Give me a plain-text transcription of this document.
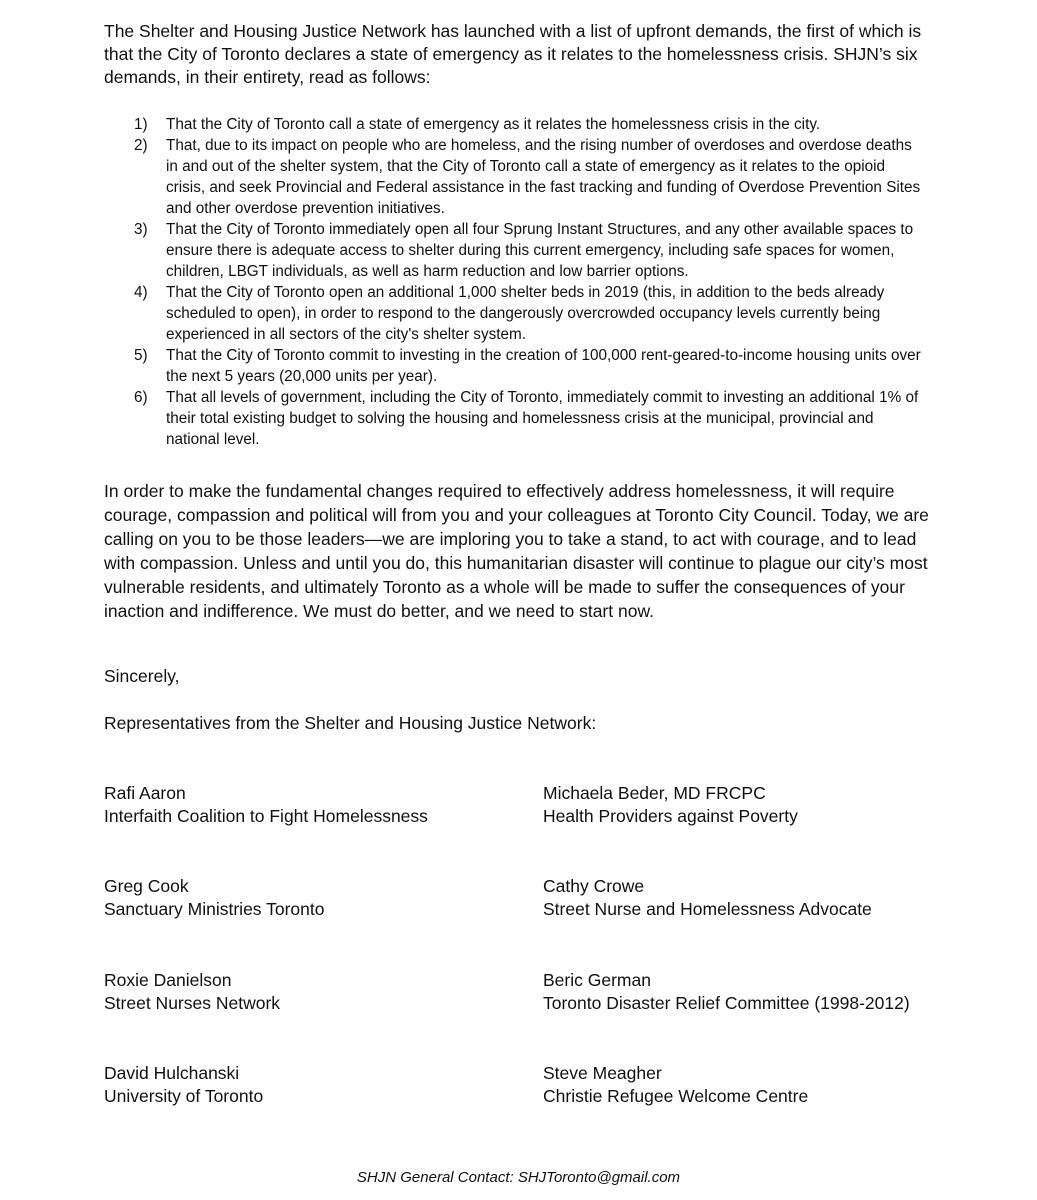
The Shelter and Housing Justice Network has launched with a list of upfront demands, the first of which is that the City of Toronto declares a state of emergency as it relates to the homelessness crisis. SHJN’s six demands, in their entirety, read as follows:

1) That the City of Toronto call a state of emergency as it relates the homelessness crisis in the city.
2) That, due to its impact on people who are homeless, and the rising number of overdoses and overdose deaths in and out of the shelter system, that the City of Toronto call a state of emergency as it relates to the opioid crisis, and seek Provincial and Federal assistance in the fast tracking and funding of Overdose Prevention Sites and other overdose prevention initiatives.
3) That the City of Toronto immediately open all four Sprung Instant Structures, and any other available spaces to ensure there is adequate access to shelter during this current emergency, including safe spaces for women, children, LBGT individuals, as well as harm reduction and low barrier options.
4) That the City of Toronto open an additional 1,000 shelter beds in 2019 (this, in addition to the beds already scheduled to open), in order to respond to the dangerously overcrowded occupancy levels currently being experienced in all sectors of the city's shelter system.
5) That the City of Toronto commit to investing in the creation of 100,000 rent-geared-to-income housing units over the next 5 years (20,000 units per year).
6) That all levels of government, including the City of Toronto, immediately commit to investing an additional 1% of their total existing budget to solving the housing and homelessness crisis at the municipal, provincial and national level.

In order to make the fundamental changes required to effectively address homelessness, it will require courage, compassion and political will from you and your colleagues at Toronto City Council. Today, we are calling on you to be those leaders—we are imploring you to take a stand, to act with courage, and to lead with compassion. Unless and until you do, this humanitarian disaster will continue to plague our city’s most vulnerable residents, and ultimately Toronto as a whole will be made to suffer the consequences of your inaction and indifference. We must do better, and we need to start now.

Sincerely,

Representatives from the Shelter and Housing Justice Network:

Rafi Aaron
Interfaith Coalition to Fight Homelessness
Michaela Beder, MD FRCPC
Health Providers against Poverty
Greg Cook
Sanctuary Ministries Toronto
Cathy Crowe
Street Nurse and Homelessness Advocate
Roxie Danielson
Street Nurses Network
Beric German
Toronto Disaster Relief Committee (1998-2012)
David Hulchanski
University of Toronto
Steve Meagher
Christie Refugee Welcome Centre
SHJN General Contact: SHJToronto@gmail.com
